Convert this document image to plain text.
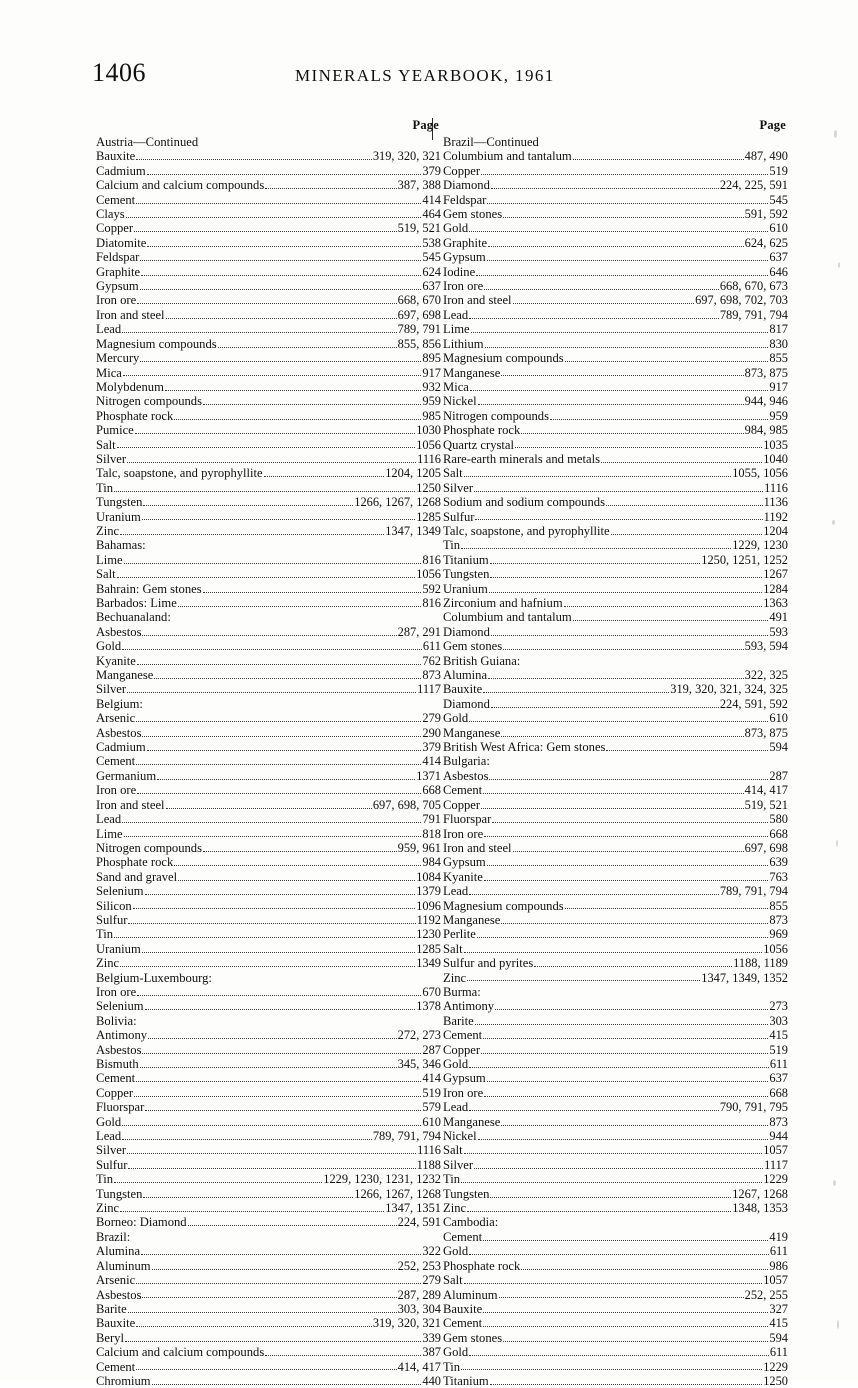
1406	MINERALS YEARBOOK, 1961
Page
Austria—Continued
Bauxite	319, 320, 321
Cadmium	379
Calcium and calcium compounds	387, 388
Cement	414
Clays	464
Copper	519, 521
Diatomite	538
Feldspar	545
Graphite	624
Gypsum	637
Iron ore	668, 670
Iron and steel	697, 698
Lead	789, 791
Magnesium compounds	855, 856
Mercury	895
Mica	917
Molybdenum	932
Nitrogen compounds	959
Phosphate rock	985
Pumice	1030
Salt	1056
Silver	1116
Talc, soapstone, and pyrophyllite	1204, 1205
Tin	1250
Tungsten	1266, 1267, 1268
Uranium	1285
Zinc	1347, 1349
Bahamas:
Lime	816
Salt	1056
Bahrain: Gem stones	592
Barbados: Lime	816
Bechuanaland:
Asbestos	287, 291
Gold	611
Kyanite	762
Manganese	873
Silver	1117
Belgium:
Arsenic	279
Asbestos	290
Cadmium	379
Cement	414
Germanium	1371
Iron ore	668
Iron and steel	697, 698, 705
Lead	791
Lime	818
Nitrogen compounds	959, 961
Phosphate rock	984
Sand and gravel	1084
Selenium	1379
Silicon	1096
Sulfur	1192
Tin	1230
Uranium	1285
Zinc	1349
Belgium-Luxembourg:
Iron ore	670
Selenium	1378
Bolivia:
Antimony	272, 273
Asbestos	287
Bismuth	345, 346
Cement	414
Copper	519
Fluorspar	579
Gold	610
Lead	789, 791, 794
Silver	1116
Sulfur	1188
Tin	1229, 1230, 1231, 1232
Tungsten	1266, 1267, 1268
Zinc	1347, 1351
Borneo: Diamond	224, 591
Brazil:
Alumina	322
Aluminum	252, 253
Arsenic	279
Asbestos	287, 289
Barite	303, 304
Bauxite	319, 320, 321
Beryl	339
Calcium and calcium compounds	387
Cement	414, 417
Chromium	440
Page
Brazil—Continued
Columbium and tantalum	487, 490
Copper	519
Diamond	224, 225, 591
Feldspar	545
Gem stones	591, 592
Gold	610
Graphite	624, 625
Gypsum	637
Iodine	646
Iron ore	668, 670, 673
Iron and steel	697, 698, 702, 703
Lead	789, 791, 794
Lime	817
Lithium	830
Magnesium compounds	855
Manganese	873, 875
Mica	917
Nickel	944, 946
Nitrogen compounds	959
Phosphate rock	984, 985
Quartz crystal	1035
Rare-earth minerals and metals	1040
Salt	1055, 1056
Silver	1116
Sodium and sodium compounds	1136
Sulfur	1192
Talc, soapstone, and pyrophyllite	1204
Tin	1229, 1230
Titanium	1250, 1251, 1252
Tungsten	1267
Uranium	1284
Zirconium and hafnium	1363
Columbium and tantalum	491
Diamond	593
Gem stones	593, 594
British Guiana:
Alumina	322, 325
Bauxite	319, 320, 321, 324, 325
Diamond	224, 591, 592
Gold	610
Manganese	873, 875
British West Africa: Gem stones	594
Bulgaria:
Asbestos	287
Cement	414, 417
Copper	519, 521
Fluorspar	580
Iron ore	668
Iron and steel	697, 698
Gypsum	639
Kyanite	763
Lead	789, 791, 794
Magnesium compounds	855
Manganese	873
Perlite	969
Salt	1056
Sulfur and pyrites	1188, 1189
Zinc	1347, 1349, 1352
Burma:
Antimony	273
Barite	303
Cement	415
Copper	519
Gold	611
Gypsum	637
Iron ore	668
Lead	790, 791, 795
Manganese	873
Nickel	944
Salt	1057
Silver	1117
Tin	1229
Tungsten	1267, 1268
Zinc	1348, 1353
Cambodia:
Cement	419
Gold	611
Phosphate rock	986
Salt	1057
Aluminum	252, 255
Bauxite	327
Cement	415
Gem stones	594
Gold	611
Tin	1229
Titanium	1250
